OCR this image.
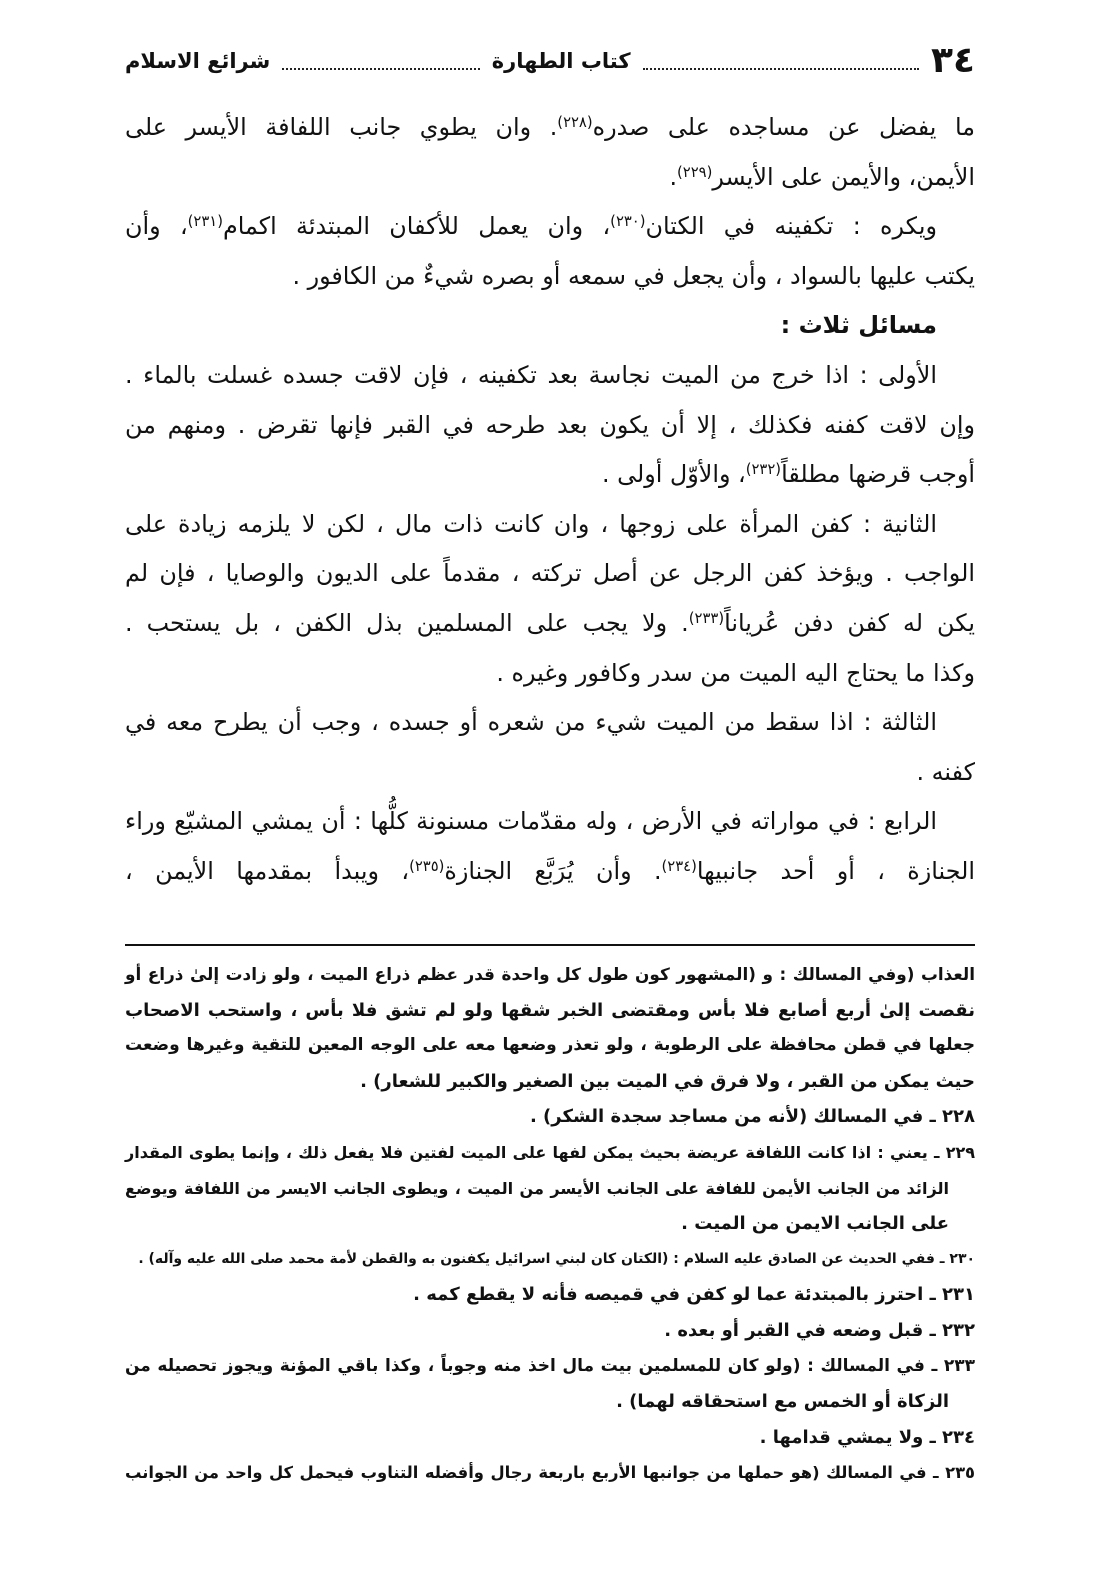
٣٤
كتاب الطهارة
شرائع الاسلام
ما يفضل عن مساجده على صدره$^{(٢٢٨)}$. وان يطوي جانب اللفافة الأيسر على
الأيمن، والأيمن على الأيسر$^{(٢٢٩)}$.
ويكره : تكفينه في الكتان$^{(٢٣٠)}$، وان يعمل للأكفان المبتدئة اكمام$^{(٢٣١)}$، وأن
يكتب عليها بالسواد ، وأن يجعل في سمعه أو بصره شيءٌ من الكافور .
مسائل ثلاث :
الأولى : اذا خرج من الميت نجاسة بعد تكفينه ، فإن لاقت جسده غسلت بالماء .
وإن لاقت كفنه فكذلك ، إلا أن يكون بعد طرحه في القبر فإنها تقرض . ومنهم من
أوجب قرضها مطلقاً$^{(٢٣٢)}$، والأوّل أولى .
الثانية : كفن المرأة على زوجها ، وان كانت ذات مال ، لكن لا يلزمه زيادة على
الواجب . ويؤخذ كفن الرجل عن أصل تركته ، مقدماً على الديون والوصايا ، فإن لم
يكن له كفن دفن عُرياناً$^{(٢٣٣)}$. ولا يجب على المسلمين بذل الكفن ، بل يستحب .
وكذا ما يحتاج اليه الميت من سدر وكافور وغيره .
الثالثة : اذا سقط من الميت شيء من شعره أو جسده ، وجب أن يطرح معه في
كفنه .
الرابع : في مواراته في الأرض ، وله مقدّمات مسنونة كلُّها : أن يمشي المشيّع وراء
الجنازة ، أو أحد جانبيها$^{(٢٣٤)}$. وأن يُرَبَّع الجنازة$^{(٢٣٥)}$، ويبدأ بمقدمها الأيمن ،
العذاب (وفي المسالك : و (المشهور كون طول كل واحدة قدر عظم ذراع الميت ، ولو زادت إلىٰ ذراع أو
نقصت إلىٰ أربع أصابع فلا بأس ومقتضى الخبر شقها ولو لم تشق فلا بأس ، واستحب الاصحاب
جعلها في قطن محافظة على الرطوبة ، ولو تعذر وضعها معه على الوجه المعين للتقية وغيرها وضعت
حيث يمكن من القبر ، ولا فرق في الميت بين الصغير والكبير للشعار) .
٢٢٨ ـ في المسالك (لأنه من مساجد سجدة الشكر) .
٢٢٩ ـ يعني : اذا كانت اللفافة عريضة بحيث يمكن لفها على الميت لفتين فلا يفعل ذلك ، وإنما يطوى المقدار
الزائد من الجانب الأيمن للفافة على الجانب الأيسر من الميت ، ويطوى الجانب الايسر من اللفافة ويوضع
على الجانب الايمن من الميت .
٢٣٠ ـ ففي الحديث عن الصادق عليه السلام : (الكتان كان لبني اسرائيل يكفنون به والقطن لأمة محمد صلى الله عليه وآله) .
٢٣١ ـ احترز بالمبتدئة عما لو كفن في قميصه فأنه لا يقطع كمه .
٢٣٢ ـ قبل وضعه في القبر أو بعده .
٢٣٣ ـ في المسالك : (ولو كان للمسلمين بيت مال اخذ منه وجوباً ، وكذا باقي المؤنة ويجوز تحصيله من
الزكاة أو الخمس مع استحقاقه لهما) .
٢٣٤ ـ ولا يمشي قدامها .
٢٣٥ ـ في المسالك (هو حملها من جوانبها الأربع باربعة رجال وأفضله التناوب فيحمل كل واحد من الجوانب
